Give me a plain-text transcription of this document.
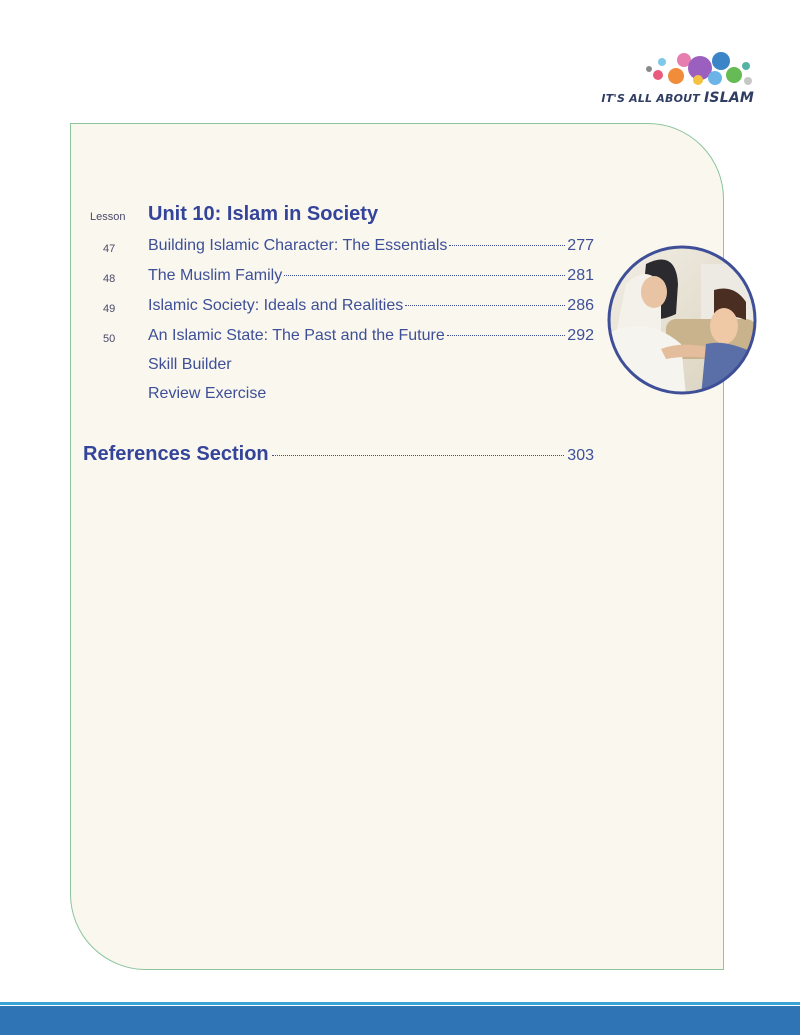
IT'S ALL ABOUT ISLAM
Lesson Unit 10: Islam in Society
47 Building Islamic Character: The Essentials	277
48 The Muslim Family	281
49 Islamic Society: Ideals and Realities	286
50 An Islamic State: The Past and the Future	292
Skill Builder
Review Exercise
References Section	303
